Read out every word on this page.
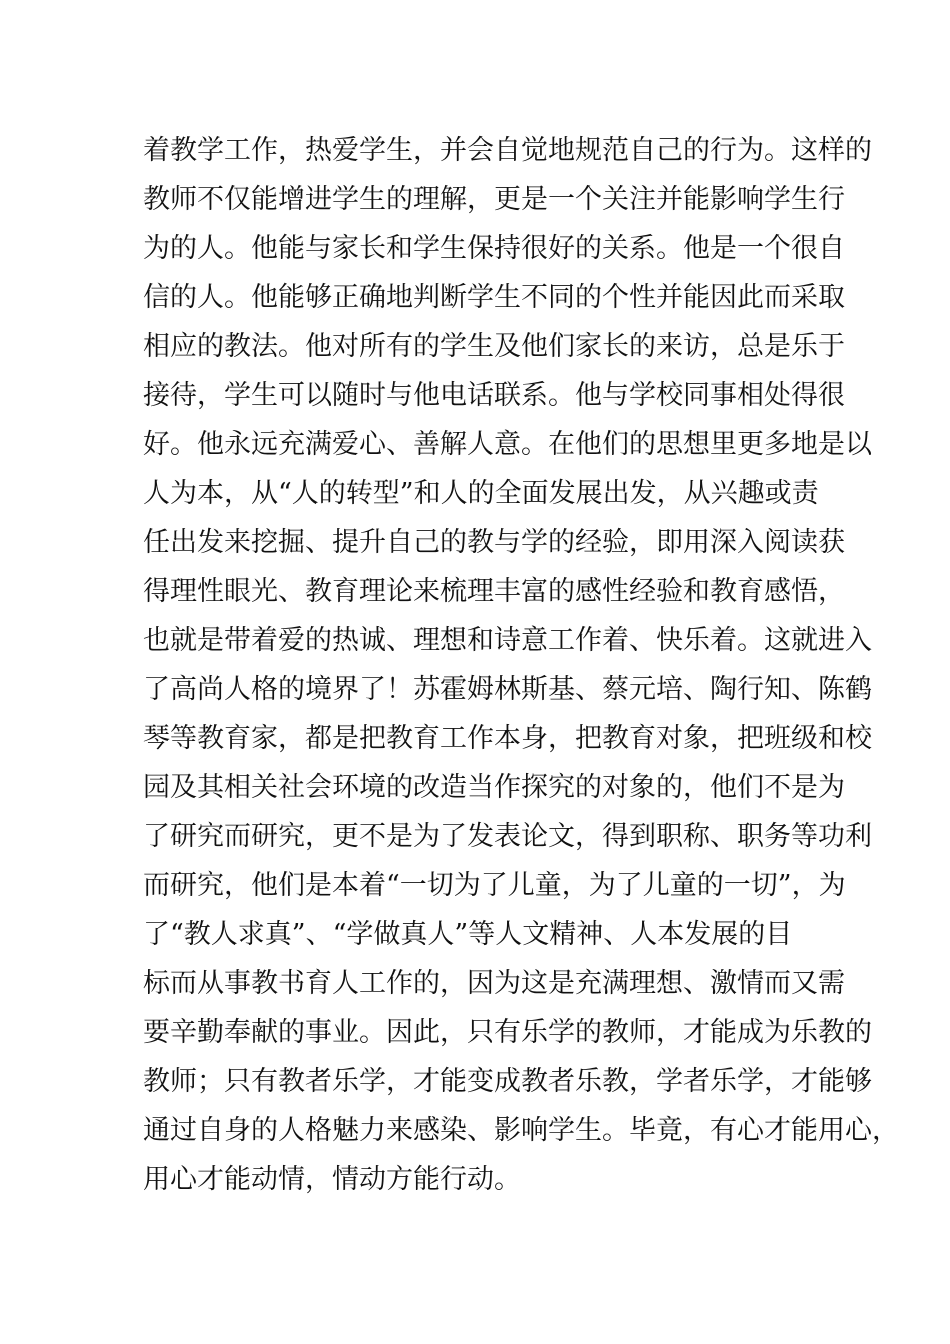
着教学工作，热爱学生，并会自觉地规范自己的行为。这样的
教师不仅能增进学生的理解，更是一个关注并能影响学生行
为的人。他能与家长和学生保持很好的关系。他是一个很自
信的人。他能够正确地判断学生不同的个性并能因此而采取
相应的教法。他对所有的学生及他们家长的来访，总是乐于
接待，学生可以随时与他电话联系。他与学校同事相处得很
好。他永远充满爱心、善解人意。在他们的思想里更多地是以
人为本，从“人的转型”和人的全面发展出发，从兴趣或责
任出发来挖掘、提升自己的教与学的经验，即用深入阅读获
得理性眼光、教育理论来梳理丰富的感性经验和教育感悟，
也就是带着爱的热诚、理想和诗意工作着、快乐着。这就进入
了高尚人格的境界了！苏霍姆林斯基、蔡元培、陶行知、陈鹤
琴等教育家，都是把教育工作本身，把教育对象，把班级和校
园及其相关社会环境的改造当作探究的对象的，他们不是为
了研究而研究，更不是为了发表论文，得到职称、职务等功利
而研究，他们是本着“一切为了儿童，为了儿童的一切”，为
了“教人求真”、“学做真人”等人文精神、人本发展的目
标而从事教书育人工作的，因为这是充满理想、激情而又需
要辛勤奉献的事业。因此，只有乐学的教师，才能成为乐教的
教师；只有教者乐学，才能变成教者乐教，学者乐学，才能够
通过自身的人格魅力来感染、影响学生。毕竟，有心才能用心，
用心才能动情，情动方能行动。
